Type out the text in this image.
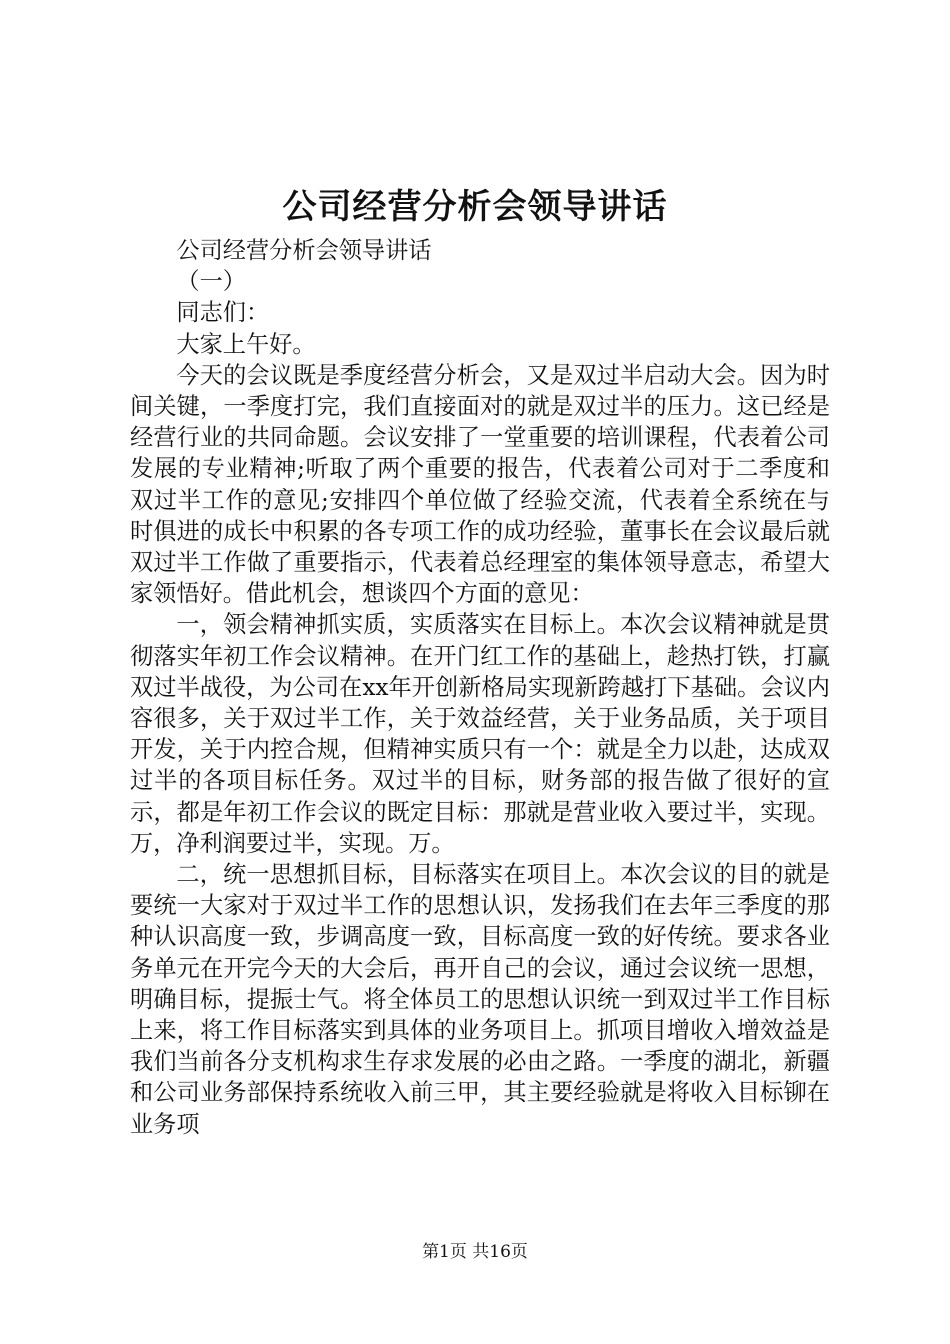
公司经营分析会领导讲话

公司经营分析会领导讲话

（一）

同志们：

大家上午好。

今天的会议既是季度经营分析会，又是双过半启动大会。因为时间关键，一季度打完，我们直接面对的就是双过半的压力。这已经是经营行业的共同命题。会议安排了一堂重要的培训课程，代表着公司发展的专业精神;听取了两个重要的报告，代表着公司对于二季度和双过半工作的意见;安排四个单位做了经验交流，代表着全系统在与时俱进的成长中积累的各专项工作的成功经验，董事长在会议最后就双过半工作做了重要指示，代表着总经理室的集体领导意志，希望大家领悟好。借此机会，想谈四个方面的意见：

一，领会精神抓实质，实质落实在目标上。本次会议精神就是贯彻落实年初工作会议精神。在开门红工作的基础上，趁热打铁，打赢双过半战役，为公司在xx年开创新格局实现新跨越打下基础。会议内容很多，关于双过半工作，关于效益经营，关于业务品质，关于项目开发，关于内控合规，但精神实质只有一个：就是全力以赴，达成双过半的各项目标任务。双过半的目标，财务部的报告做了很好的宣示，都是年初工作会议的既定目标：那就是营业收入要过半，实现。万，净利润要过半，实现。万。

二，统一思想抓目标，目标落实在项目上。本次会议的目的就是要统一大家对于双过半工作的思想认识，发扬我们在去年三季度的那种认识高度一致，步调高度一致，目标高度一致的好传统。要求各业务单元在开完今天的大会后，再开自己的会议，通过会议统一思想，明确目标，提振士气。将全体员工的思想认识统一到双过半工作目标上来，将工作目标落实到具体的业务项目上。抓项目增收入增效益是我们当前各分支机构求生存求发展的必由之路。一季度的湖北，新疆和公司业务部保持系统收入前三甲，其主要经验就是将收入目标铆在业务项

第1页 共16页
